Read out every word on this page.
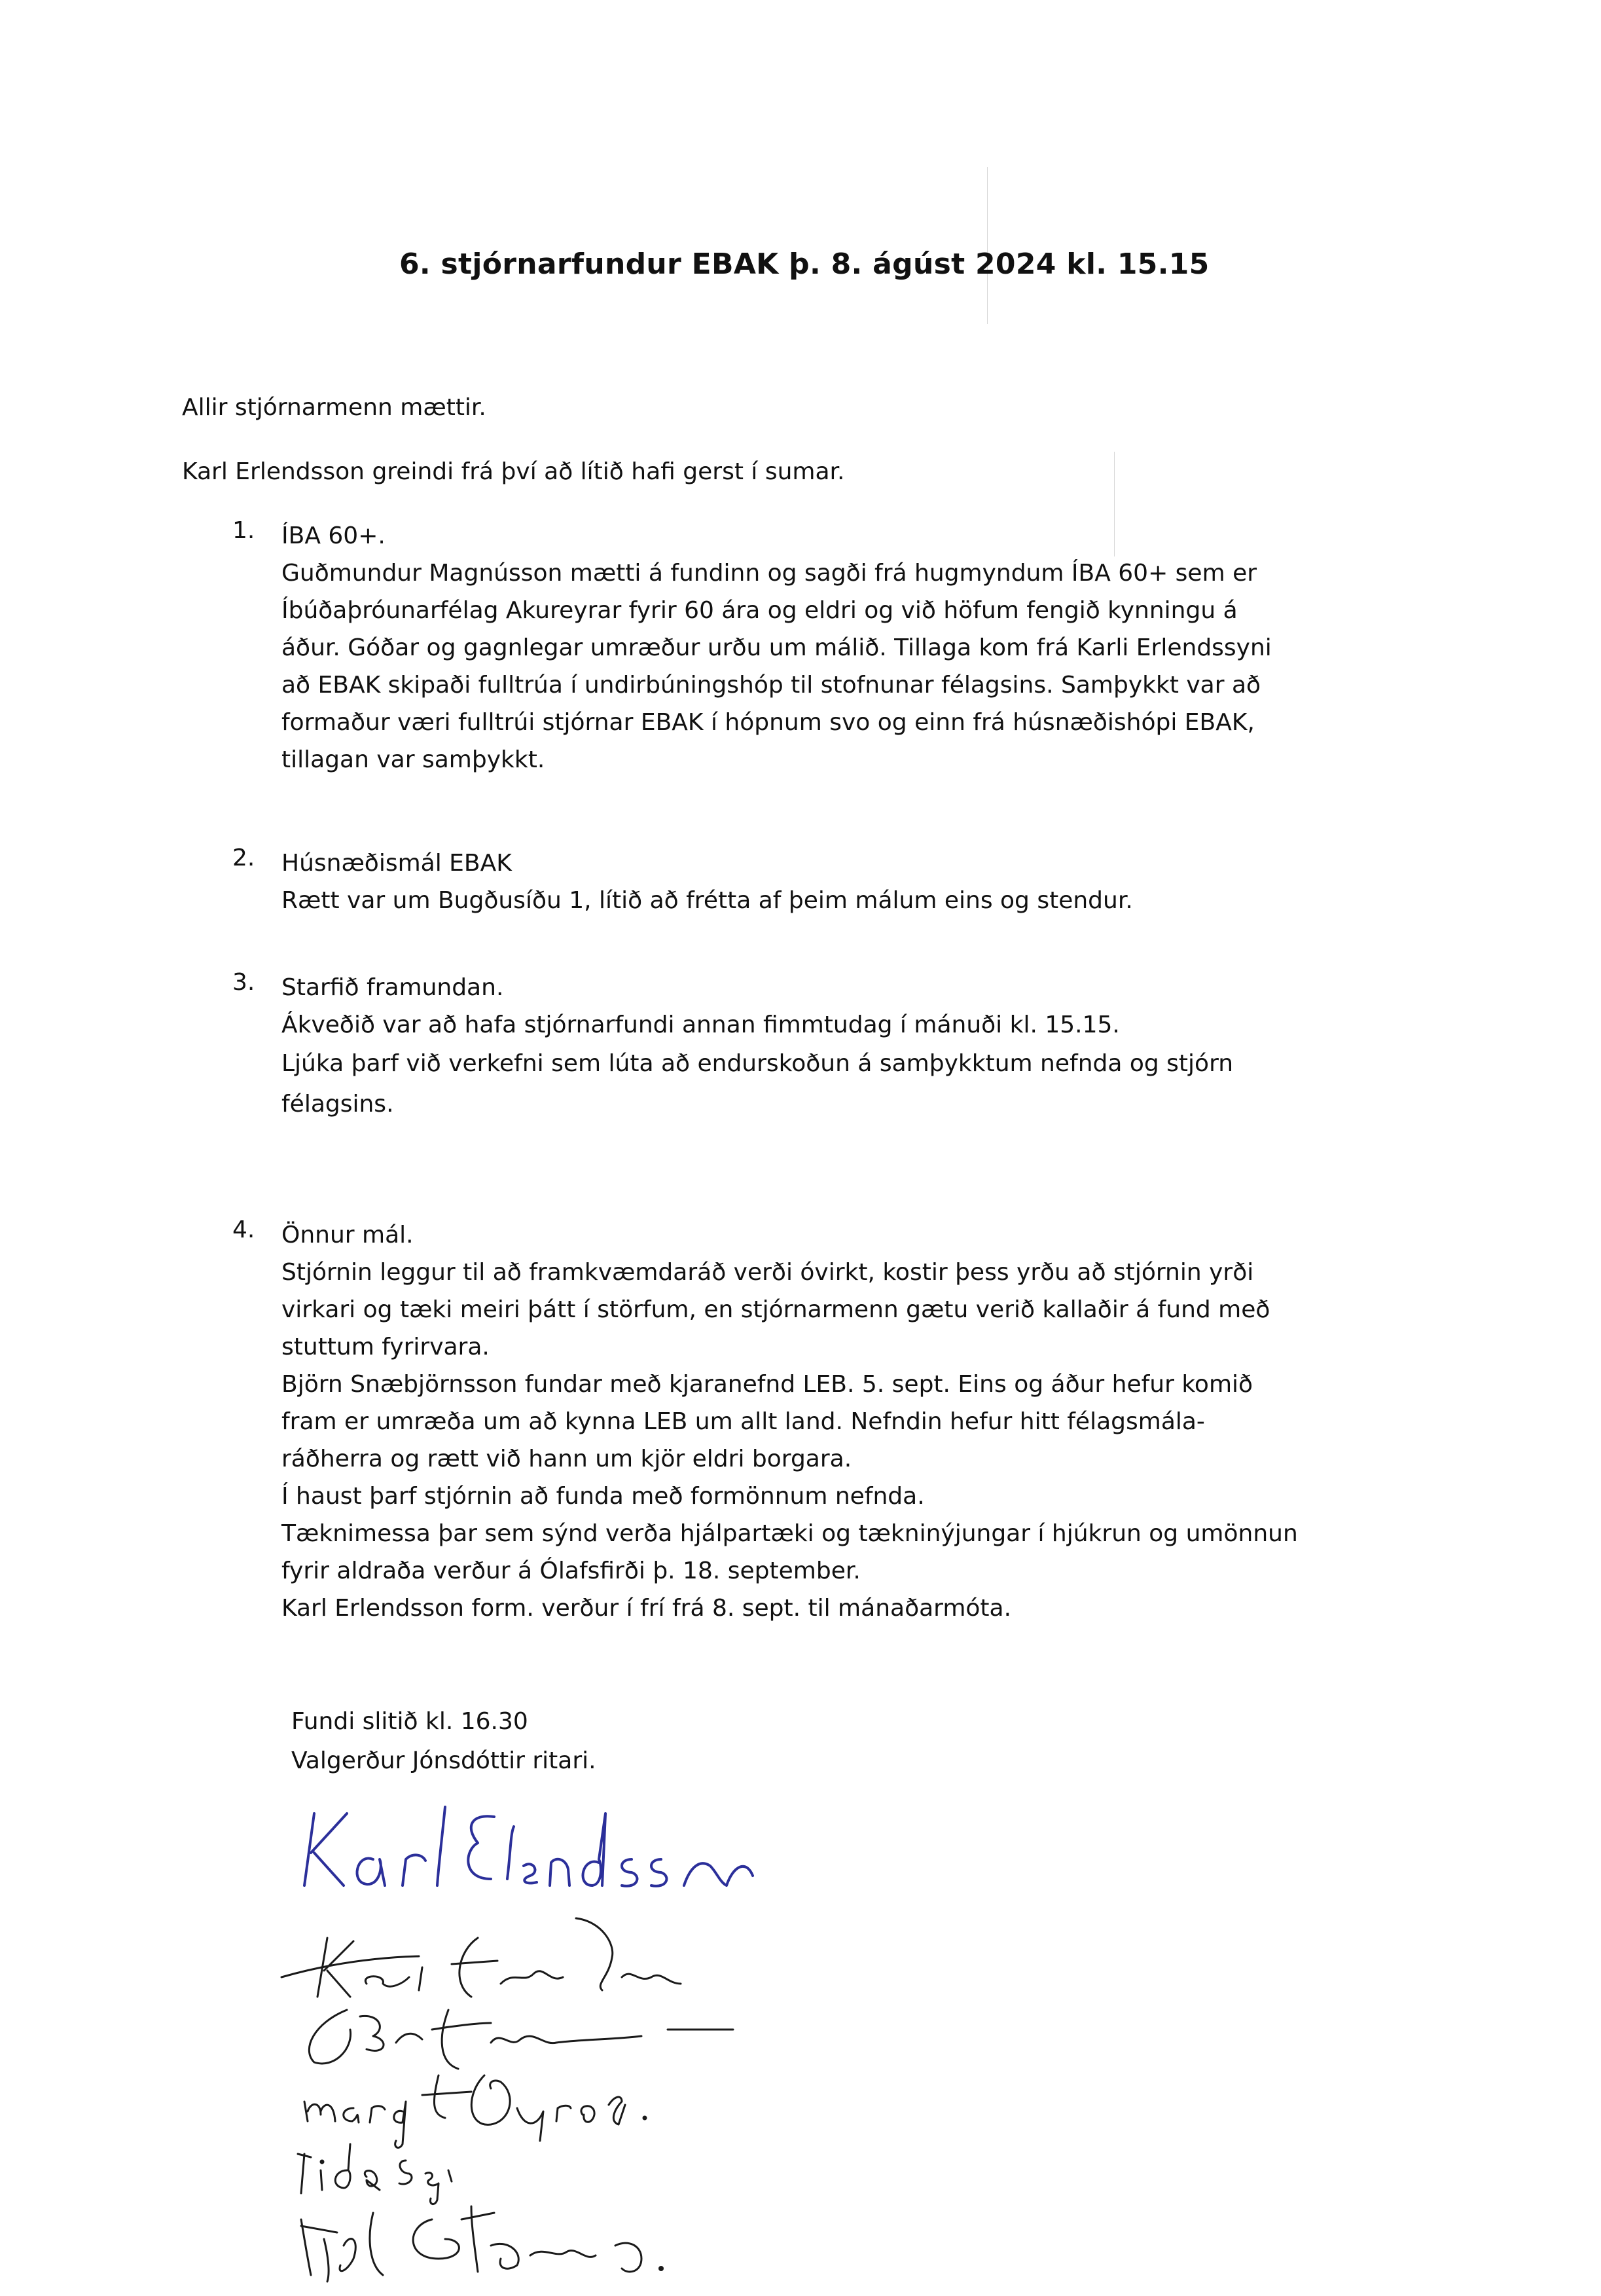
6. stjórnarfundur EBAK þ. 8. ágúst 2024 kl. 15.15
Allir stjórnarmenn mættir.
Karl Erlendsson greindi frá því að lítið hafi gerst í sumar.
1.	ÍBA 60+.
Guðmundur Magnússon mætti á fundinn og sagði frá hugmyndum ÍBA 60+ sem er
Íbúðaþróunarfélag Akureyrar fyrir 60 ára og eldri og við höfum fengið kynningu á
áður. Góðar og gagnlegar umræður urðu um málið. Tillaga kom frá Karli Erlendssyni
að EBAK skipaði fulltrúa í undirbúningshóp til stofnunar félagsins. Samþykkt var að
formaður væri fulltrúi stjórnar EBAK í hópnum svo og einn frá húsnæðishópi EBAK,
tillagan var samþykkt.
2.	Húsnæðismál EBAK
Rætt var um Bugðusíðu 1, lítið að frétta af þeim málum eins og stendur.
3.	Starfið framundan.
Ákveðið var að hafa stjórnarfundi annan fimmtudag í mánuði kl. 15.15.
Ljúka þarf við verkefni sem lúta að endurskoðun á samþykktum nefnda og stjórn
félagsins.
4.	Önnur mál.
Stjórnin leggur til að framkvæmdaráð verði óvirkt, kostir þess yrðu að stjórnin yrði
virkari og tæki meiri þátt í störfum, en stjórnarmenn gætu verið kallaðir á fund með
stuttum fyrirvara.
Björn Snæbjörnsson fundar með kjaranefnd LEB. 5. sept. Eins og áður hefur komið
fram er umræða um að kynna LEB um allt land. Nefndin hefur hitt félagsmála-
ráðherra og rætt við hann um kjör eldri borgara.
Í haust þarf stjórnin að funda með formönnum nefnda.
Tæknimessa þar sem sýnd verða hjálpartæki og tækninýjungar í hjúkrun og umönnun
fyrir aldraða verður á Ólafsfirði þ. 18. september.
Karl Erlendsson form. verður í frí frá 8. sept. til mánaðarmóta.
Fundi slitið kl. 16.30
Valgerður Jónsdóttir ritari.
